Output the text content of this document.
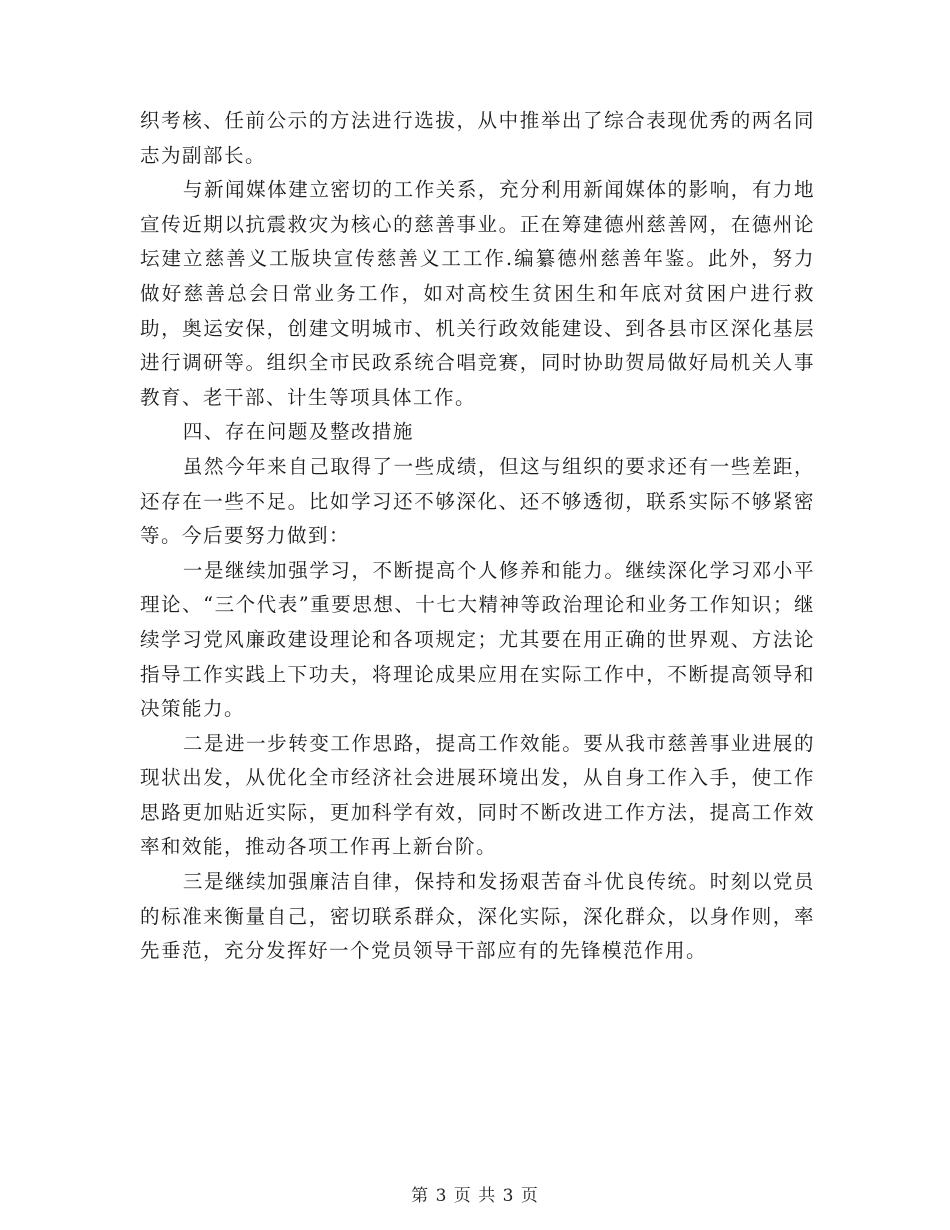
织考核、任前公示的方法进行选拔，从中推举出了综合表现优秀的两名同志为副部长。

与新闻媒体建立密切的工作关系，充分利用新闻媒体的影响，有力地宣传近期以抗震救灾为核心的慈善事业。正在筹建德州慈善网，在德州论坛建立慈善义工版块宣传慈善义工工作.编纂德州慈善年鉴。此外，努力做好慈善总会日常业务工作，如对高校生贫困生和年底对贫困户进行救助，奥运安保，创建文明城市、机关行政效能建设、到各县市区深化基层进行调研等。组织全市民政系统合唱竞赛，同时协助贺局做好局机关人事教育、老干部、计生等项具体工作。

四、存在问题及整改措施

虽然今年来自己取得了一些成绩，但这与组织的要求还有一些差距，还存在一些不足。比如学习还不够深化、还不够透彻，联系实际不够紧密等。今后要努力做到：

一是继续加强学习，不断提高个人修养和能力。继续深化学习邓小平理论、“三个代表”重要思想、十七大精神等政治理论和业务工作知识；继续学习党风廉政建设理论和各项规定；尤其要在用正确的世界观、方法论指导工作实践上下功夫，将理论成果应用在实际工作中，不断提高领导和决策能力。

二是进一步转变工作思路，提高工作效能。要从我市慈善事业进展的现状出发，从优化全市经济社会进展环境出发，从自身工作入手，使工作思路更加贴近实际，更加科学有效，同时不断改进工作方法，提高工作效率和效能，推动各项工作再上新台阶。

三是继续加强廉洁自律，保持和发扬艰苦奋斗优良传统。时刻以党员的标准来衡量自己，密切联系群众，深化实际，深化群众，以身作则，率先垂范，充分发挥好一个党员领导干部应有的先锋模范作用。

第 3 页 共 3 页
